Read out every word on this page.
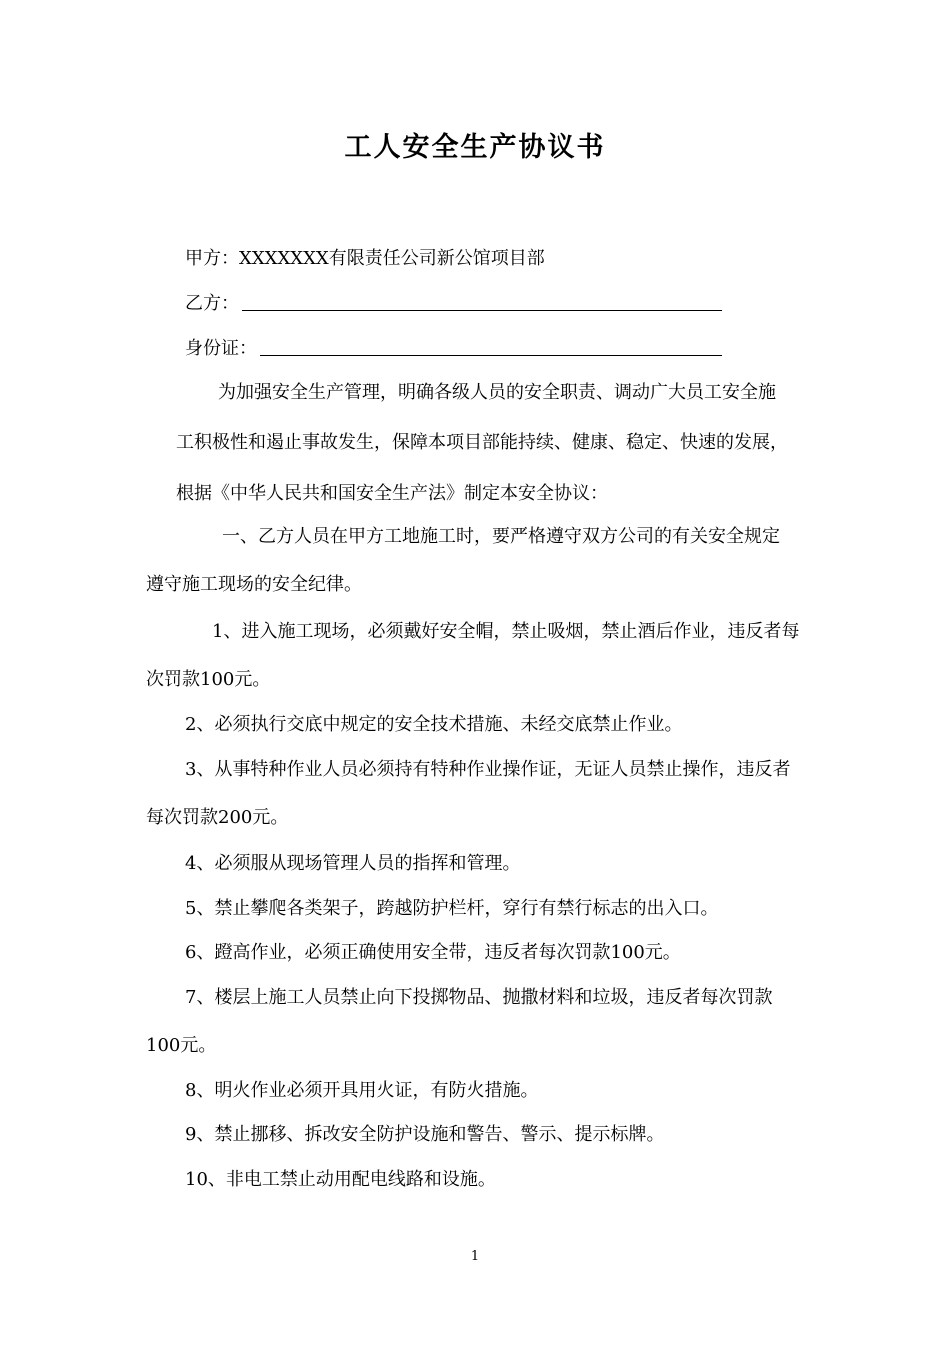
工人安全生产协议书
甲方：XXXXXXX有限责任公司新公馆项目部
乙方：
身份证：
为加强安全生产管理，明确各级人员的安全职责、调动广大员工安全施
工积极性和遏止事故发生，保障本项目部能持续、健康、稳定、快速的发展，
根据《中华人民共和国安全生产法》制定本安全协议：
一、乙方人员在甲方工地施工时，要严格遵守双方公司的有关安全规定
遵守施工现场的安全纪律。
1、进入施工现场，必须戴好安全帽，禁止吸烟，禁止酒后作业，违反者每
次罚款100元。
2、必须执行交底中规定的安全技术措施、未经交底禁止作业。
3、从事特种作业人员必须持有特种作业操作证，无证人员禁止操作，违反者
每次罚款200元。
4、必须服从现场管理人员的指挥和管理。
5、禁止攀爬各类架子，跨越防护栏杆，穿行有禁行标志的出入口。
6、蹬高作业，必须正确使用安全带，违反者每次罚款100元。
7、楼层上施工人员禁止向下投掷物品、抛撒材料和垃圾，违反者每次罚款
100元。
8、明火作业必须开具用火证，有防火措施。
9、禁止挪移、拆改安全防护设施和警告、警示、提示标牌。
10、非电工禁止动用配电线路和设施。
1
